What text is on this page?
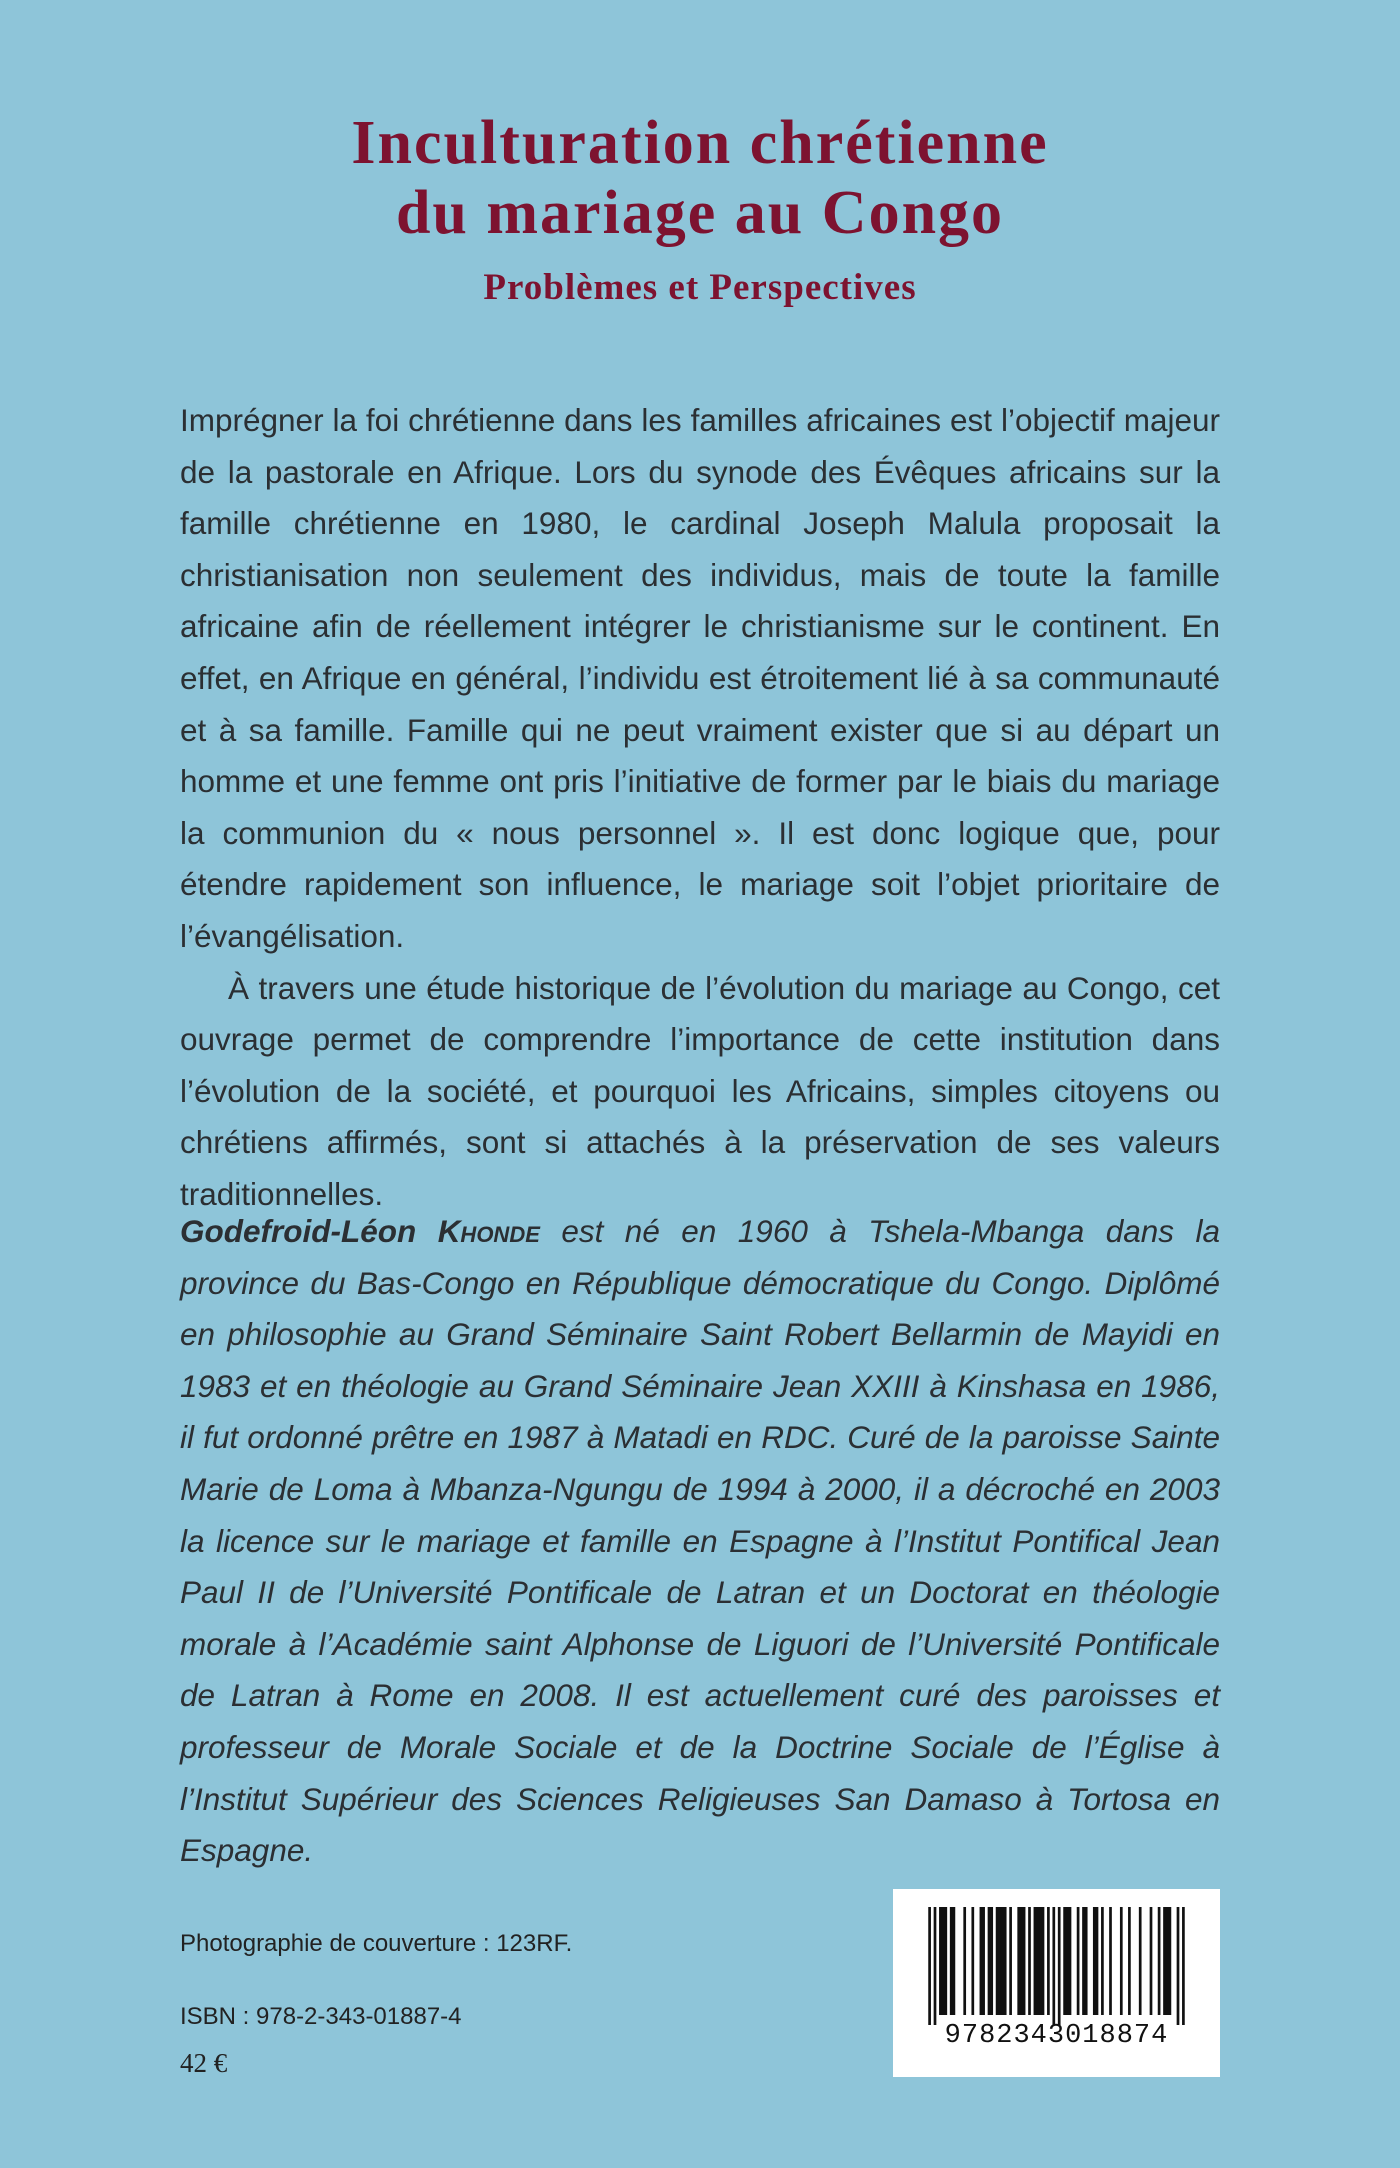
Inculturation chrétienne
du mariage au Congo
Problèmes et Perspectives

Imprégner la foi chrétienne dans les familles africaines est l’objectif majeur de la pastorale en Afrique. Lors du synode des Évêques africains sur la famille chrétienne en 1980, le cardinal Joseph Malula proposait la christianisation non seulement des individus, mais de toute la famille africaine afin de réellement intégrer le christianisme sur le continent. En effet, en Afrique en général, l’individu est étroitement lié à sa communauté et à sa famille. Famille qui ne peut vraiment exister que si au départ un homme et une femme ont pris l’initiative de former par le biais du mariage la communion du « nous personnel ». Il est donc logique que, pour étendre rapidement son influence, le mariage soit l’objet prioritaire de l’évangélisation.

À travers une étude historique de l’évolution du mariage au Congo, cet ouvrage permet de comprendre l’importance de cette institution dans l’évolution de la société, et pourquoi les Africains, simples citoyens ou chrétiens affirmés, sont si attachés à la préservation de ses valeurs traditionnelles.

Godefroid-Léon Khonde est né en 1960 à Tshela-Mbanga dans la province du Bas-Congo en République démocratique du Congo. Diplômé en philosophie au Grand Séminaire Saint Robert Bellarmin de Mayidi en 1983 et en théologie au Grand Séminaire Jean XXIII à Kinshasa en 1986, il fut ordonné prêtre en 1987 à Matadi en RDC. Curé de la paroisse Sainte Marie de Loma à Mbanza-Ngungu de 1994 à 2000, il a décroché en 2003 la licence sur le mariage et famille en Espagne à l’Institut Pontifical Jean Paul II de l’Université Pontificale de Latran et un Doctorat en théologie morale à l’Académie saint Alphonse de Liguori de l’Université Pontificale de Latran à Rome en 2008. Il est actuellement curé des paroisses et professeur de Morale Sociale et de la Doctrine Sociale de l’Église à l’Institut Supérieur des Sciences Religieuses San Damaso à Tortosa en Espagne.
Photographie de couverture : 123RF.
ISBN : 978-2-343-01887-4
42 €
9782343018874
